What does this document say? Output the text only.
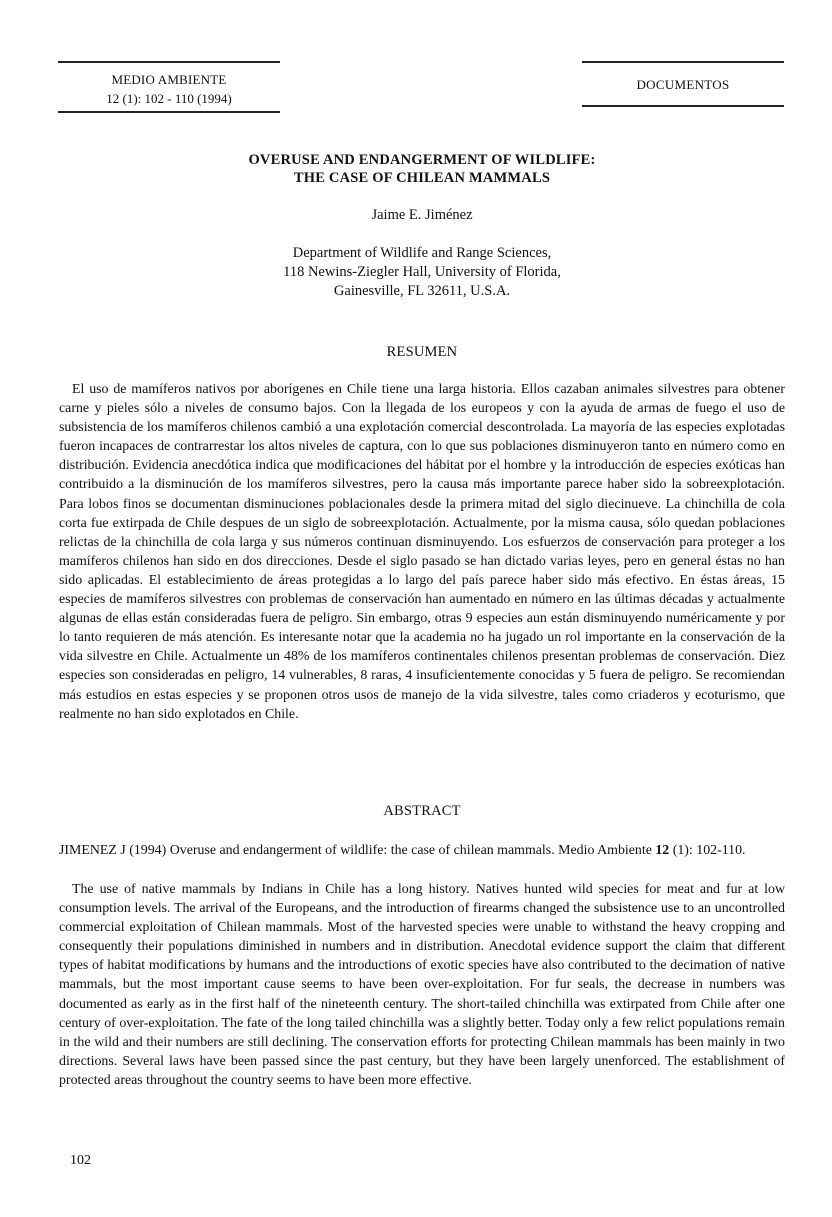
MEDIO AMBIENTE
12 (1): 102 - 110 (1994)
DOCUMENTOS
OVERUSE AND ENDANGERMENT OF WILDLIFE:
THE CASE OF CHILEAN MAMMALS
Jaime E. Jiménez
Department of Wildlife and Range Sciences,
118 Newins-Ziegler Hall, University of Florida,
Gainesville, FL 32611, U.S.A.
RESUMEN

El uso de mamíferos nativos por aborígenes en Chile tiene una larga historia. Ellos cazaban animales silvestres para obtener carne y pieles sólo a niveles de consumo bajos. Con la llegada de los europeos y con la ayuda de armas de fuego el uso de subsistencia de los mamíferos chilenos cambió a una explotación comercial descontrolada. La mayoría de las especies explotadas fueron incapaces de contrarrestar los altos niveles de captura, con lo que sus poblaciones disminuyeron tanto en número como en distribución. Evidencia anecdótica indica que modificaciones del hábitat por el hombre y la introducción de especies exóticas han contribuido a la disminución de los mamíferos silvestres, pero la causa más importante parece haber sido la sobreexplotación. Para lobos finos se documentan disminuciones poblacionales desde la primera mitad del siglo diecinueve. La chinchilla de cola corta fue extirpada de Chile despues de un siglo de sobreexplotación. Actualmente, por la misma causa, sólo quedan poblaciones relictas de la chinchilla de cola larga y sus números continuan disminuyendo. Los esfuerzos de conservación para proteger a los mamíferos chilenos han sido en dos direcciones. Desde el siglo pasado se han dictado varias leyes, pero en general éstas no han sido aplicadas. El establecimiento de áreas protegidas a lo largo del país parece haber sido más efectivo. En éstas áreas, 15 especies de mamíferos silvestres con problemas de conservación han aumentado en número en las últimas décadas y actualmente algunas de ellas están consideradas fuera de peligro. Sin embargo, otras 9 especies aun están disminuyendo numéricamente y por lo tanto requieren de más atención. Es interesante notar que la academia no ha jugado un rol importante en la conservación de la vida silvestre en Chile. Actualmente un 48% de los mamíferos continentales chilenos presentan problemas de conservación. Diez especies son consideradas en peligro, 14 vulnerables, 8 raras, 4 insuficientemente conocidas y 5 fuera de peligro. Se recomiendan más estudios en estas especies y se proponen otros usos de manejo de la vida silvestre, tales como criaderos y ecoturismo, que realmente no han sido explotados en Chile.

ABSTRACT

JIMENEZ J (1994) Overuse and endangerment of wildlife: the case of chilean mammals. Medio Ambiente 12 (1): 102-110.

The use of native mammals by Indians in Chile has a long history. Natives hunted wild species for meat and fur at low consumption levels. The arrival of the Europeans, and the introduction of firearms changed the subsistence use to an uncontrolled commercial exploitation of Chilean mammals. Most of the harvested species were unable to withstand the heavy cropping and consequently their populations diminished in numbers and in distribution. Anecdotal evidence support the claim that different types of habitat modifications by humans and the introductions of exotic species have also contributed to the decimation of native mammals, but the most important cause seems to have been over-exploitation. For fur seals, the decrease in numbers was documented as early as in the first half of the nineteenth century. The short-tailed chinchilla was extirpated from Chile after one century of over-exploitation. The fate of the long tailed chinchilla was a slightly better. Today only a few relict populations remain in the wild and their numbers are still declining. The conservation efforts for protecting Chilean mammals has been mainly in two directions. Several laws have been passed since the past century, but they have been largely unenforced. The establishment of protected areas throughout the country seems to have been more effective.

102
